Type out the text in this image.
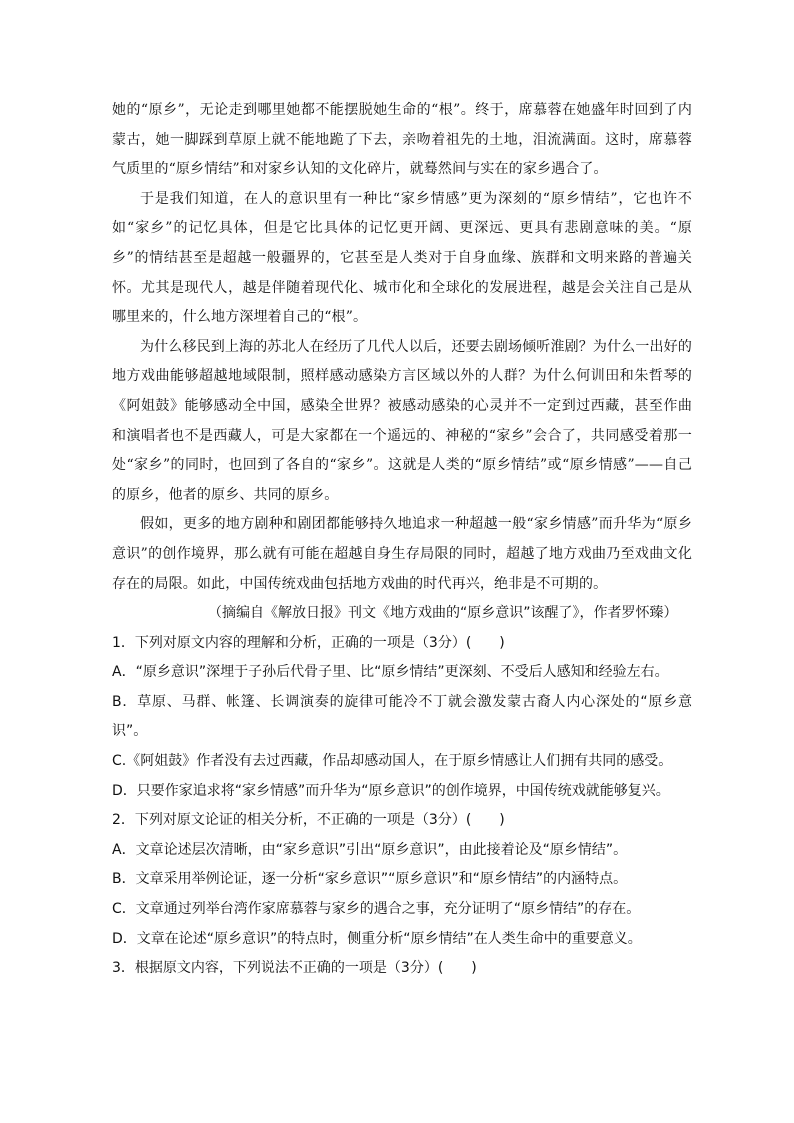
她的“原乡”，无论走到哪里她都不能摆脱她生命的“根”。终于，席慕蓉在她盛年时回到了内蒙古，她一脚踩到草原上就不能地跪了下去，亲吻着祖先的土地，泪流满面。这时，席慕蓉气质里的“原乡情结”和对家乡认知的文化碎片，就蓦然间与实在的家乡遇合了。

于是我们知道，在人的意识里有一种比“家乡情感”更为深刻的“原乡情结”，它也许不如“家乡”的记忆具体，但是它比具体的记忆更开阔、更深远、更具有悲剧意味的美。“原乡”的情结甚至是超越一般疆界的，它甚至是人类对于自身血缘、族群和文明来路的普遍关怀。尤其是现代人，越是伴随着现代化、城市化和全球化的发展进程，越是会关注自己是从哪里来的，什么地方深埋着自己的“根”。

为什么移民到上海的苏北人在经历了几代人以后，还要去剧场倾听淮剧？为什么一出好的地方戏曲能够超越地域限制，照样感动感染方言区域以外的人群？为什么何训田和朱哲琴的《阿姐鼓》能够感动全中国，感染全世界？被感动感染的心灵并不一定到过西藏，甚至作曲和演唱者也不是西藏人，可是大家都在一个遥远的、神秘的“家乡”会合了，共同感受着那一处“家乡”的同时，也回到了各自的“家乡”。这就是人类的“原乡情结”或“原乡情感”——自己的原乡，他者的原乡、共同的原乡。

假如，更多的地方剧种和剧团都能够持久地追求一种超越一般“家乡情感”而升华为“原乡意识”的创作境界，那么就有可能在超越自身生存局限的同时，超越了地方戏曲乃至戏曲文化存在的局限。如此，中国传统戏曲包括地方戏曲的时代再兴，绝非是不可期的。

（摘编自《解放日报》刊文《地方戏曲的“原乡意识”该醒了》，作者罗怀臻）

1．下列对原文内容的理解和分析，正确的一项是（3分）(　　)

A．“原乡意识”深埋于子孙后代骨子里、比“原乡情结”更深刻、不受后人感知和经验左右。

B．草原、马群、帐篷、长调演奏的旋律可能冷不丁就会激发蒙古裔人内心深处的“原乡意识”。

C.《阿姐鼓》作者没有去过西藏，作品却感动国人，在于原乡情感让人们拥有共同的感受。

D．只要作家追求将“家乡情感”而升华为“原乡意识”的创作境界，中国传统戏就能够复兴。

2．下列对原文论证的相关分析，不正确的一项是（3分）(　　)

A．文章论述层次清晰，由“家乡意识”引出“原乡意识”，由此接着论及“原乡情结”。

B．文章采用举例论证，逐一分析“家乡意识”“原乡意识”和“原乡情结”的内涵特点。

C．文章通过列举台湾作家席慕蓉与家乡的遇合之事，充分证明了“原乡情结”的存在。

D．文章在论述“原乡意识”的特点时，侧重分析“原乡情结”在人类生命中的重要意义。

3．根据原文内容，下列说法不正确的一项是（3分）(　　)
